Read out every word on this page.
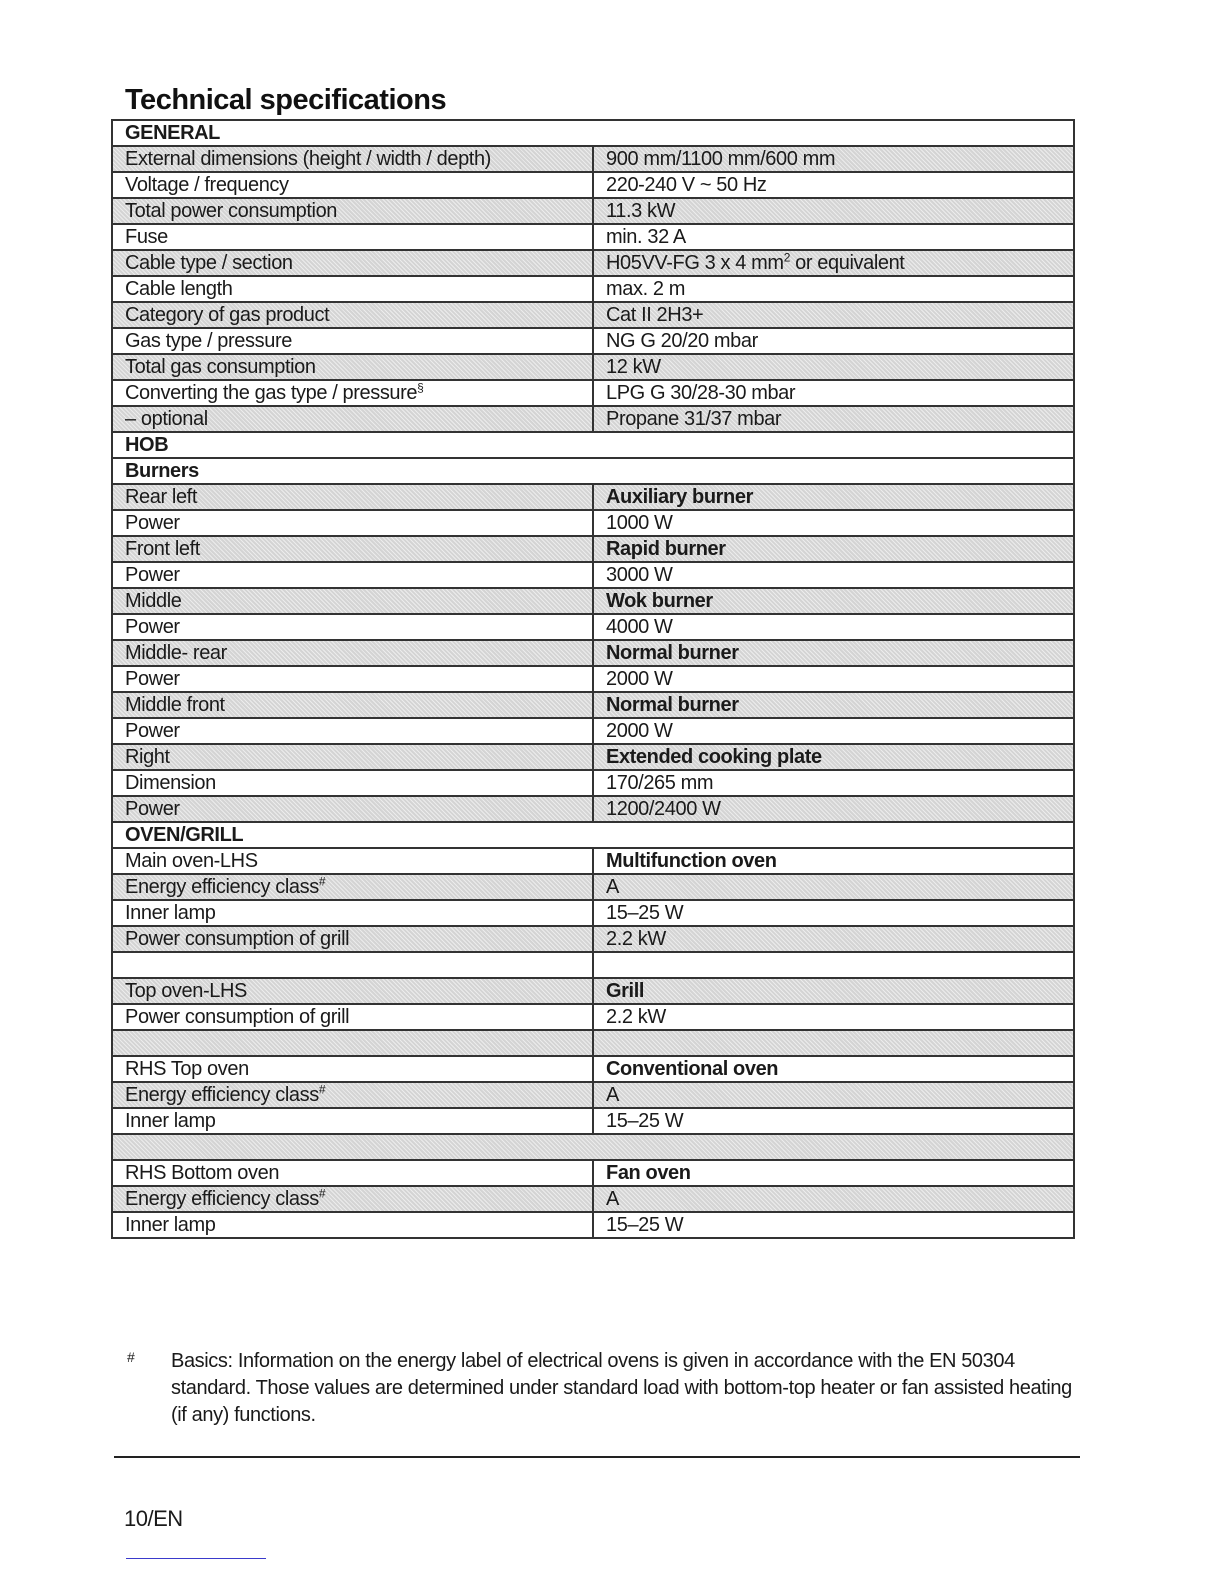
Technical specifications
GENERAL	
External dimensions (height / width / depth)	900 mm/1100 mm/600 mm
Voltage / frequency	220-240 V ~ 50 Hz
Total power consumption	11.3 kW
Fuse	min. 32 A
Cable type / section	H05VV-FG 3 x 4 $mm^2$ or equivalent
Cable length	max. 2 m
Category of gas product	Cat II 2H3+
Gas type / pressure	NG G 20/20 mbar
Total gas consumption	12 kW
Converting the gas type / pressure§	LPG G 30/28-30 mbar
– optional	Propane 31/37 mbar
HOB	
Burners	
Rear left	Auxiliary burner
Power	1000 W
Front left	Rapid burner
Power	3000 W
Middle	Wok burner
Power	4000 W
Middle- rear	Normal burner
Power	2000 W
Middle front	Normal burner
Power	2000 W
Right	Extended cooking plate
Dimension	170/265 mm
Power	1200/2400 W
OVEN/GRILL	
Main oven-LHS	Multifunction oven
Energy efficiency class#	A
Inner lamp	15–25 W
Power consumption of grill	2.2 kW

Top oven-LHS	Grill
Power consumption of grill	2.2 kW

RHS Top oven	Conventional oven
Energy efficiency class#	A
Inner lamp	15–25 W

RHS Bottom oven	Fan oven
Energy efficiency class#	A
Inner lamp	15–25 W
# Basics: Information on the energy label of electrical ovens is given in accordance with the EN 50304 standard. Those values are determined under standard load with bottom-top heater or fan assisted heating (if any) functions.
10/EN
